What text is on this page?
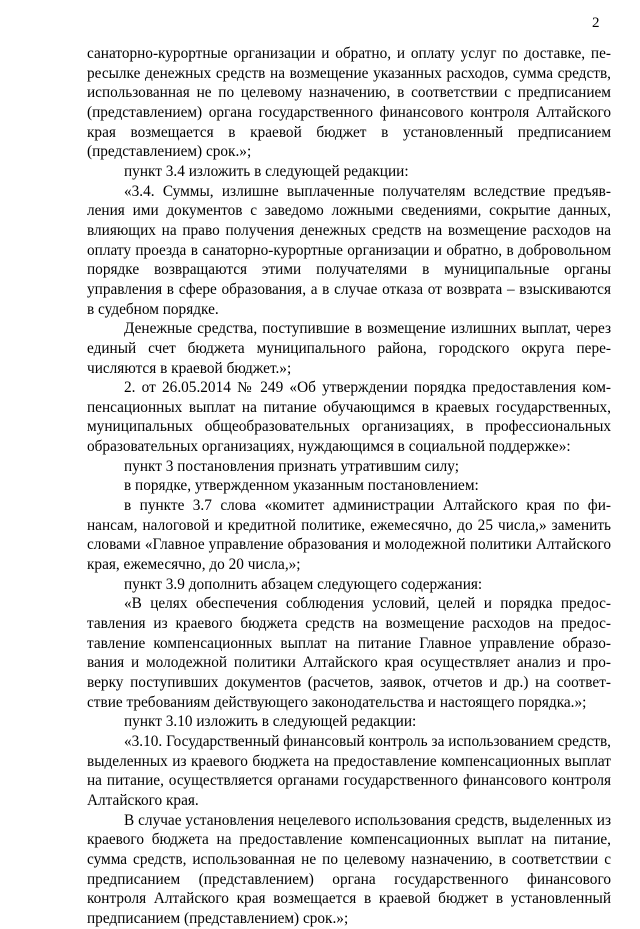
2

санаторно-курортные организации и обратно, и оплату услуг по доставке, пересылке денежных средств на возмещение указанных расходов, сумма средств, использованная не по целевому назначению, в соответствии с предписанием (представлением) органа государственного финансового контроля Алтайского края возмещается в краевой бюджет в установленный предписанием (представлением) срок.»;

пункт 3.4 изложить в следующей редакции:

«3.4. Суммы, излишне выплаченные получателям вследствие предъявления ими документов с заведомо ложными сведениями, сокрытие данных, влияющих на право получения денежных средств на возмещение расходов на оплату проезда в санаторно-курортные организации и обратно, в добровольном порядке возвращаются этими получателями в муниципальные органы управления в сфере образования, а в случае отказа от возврата – взыскиваются в судебном порядке.

Денежные средства, поступившие в возмещение излишних выплат, через единый счет бюджета муниципального района, городского округа перечисляются в краевой бюджет.»;

2. от 26.05.2014 № 249 «Об утверждении порядка предоставления компенсационных выплат на питание обучающимся в краевых государственных, муниципальных общеобразовательных организациях, в профессиональных образовательных организациях, нуждающимся в социальной поддержке»:

пункт 3 постановления признать утратившим силу;

в порядке, утвержденном указанным постановлением:

в пункте 3.7 слова «комитет администрации Алтайского края по финансам, налоговой и кредитной политике, ежемесячно, до 25 числа,» заменить словами «Главное управление образования и молодежной политики Алтайского края, ежемесячно, до 20 числа,»;

пункт 3.9 дополнить абзацем следующего содержания:

«В целях обеспечения соблюдения условий, целей и порядка предоставления из краевого бюджета средств на возмещение расходов на предоставление компенсационных выплат на питание Главное управление образования и молодежной политики Алтайского края осуществляет анализ и проверку поступивших документов (расчетов, заявок, отчетов и др.) на соответствие требованиям действующего законодательства и настоящего порядка.»;

пункт 3.10 изложить в следующей редакции:

«3.10. Государственный финансовый контроль за использованием средств, выделенных из краевого бюджета на предоставление компенсационных выплат на питание, осуществляется органами государственного финансового контроля Алтайского края.

В случае установления нецелевого использования средств, выделенных из краевого бюджета на предоставление компенсационных выплат на питание, сумма средств, использованная не по целевому назначению, в соответствии с предписанием (представлением) органа государственного финансового контроля Алтайского края возмещается в краевой бюджет в установленный предписанием (представлением) срок.»;
